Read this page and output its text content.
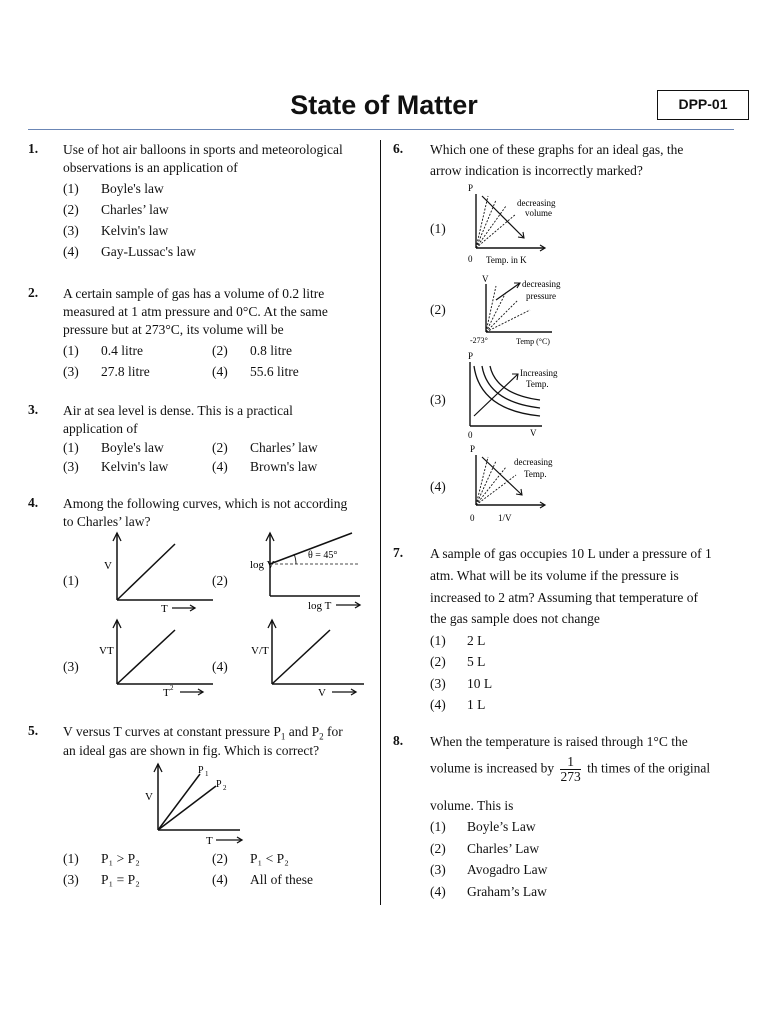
State of Matter	DPP-01
1. Use of hot air balloons in sports and meteorological
observations is an application of
(1) Boyle's law
(2) Charles’ law
(3) Kelvin's law
(4) Gay-Lussac's law
2. A certain sample of gas has a volume of 0.2 litre
measured at 1 atm pressure and 0°C. At the same
pressure but at 273°C, its volume will be
(1) 0.4 litre	(2) 0.8 litre
(3) 27.8 litre	(4) 55.6 litre
3. Air at sea level is dense. This is a practical
application of
(1) Boyle's law	(2) Charles’ law
(3) Kelvin's law	(4) Brown's law
4. Among the following curves, which is not according
to Charles’ law?
(1)	(2)
(3)	(4)
V
T
log V
θ = 45°
log T
VT
T 2
V/T
V
5. V versus T curves at constant pressure $P_1$ and $P_2$ for
an ideal gas are shown in fig. Which is correct?
V
P 1
P 2
T
(1) P₁ > P₂	(2) P₁ < P₂
(3) P₁ = P₂	(4) All of these
6. Which one of these graphs for an ideal gas, the
arrow indication is incorrectly marked?
(1)
(2)
(3)
(4)
P
0 Temp. in K
decreasing
volume
V
-273°	Temp (°C)
decreasing
pressure
P
0	V
Increasing
Temp.
P
0	1/V
decreasing
Temp.
7. A sample of gas occupies 10 L under a pressure of 1
atm. What will be its volume if the pressure is
increased to 2 atm? Assuming that temperature of
the gas sample does not change
(1) 2 L
(2) 5 L
(3) 10 L
(4) 1 L
8. When the temperature is raised through 1°C the
volume is increased by $\frac{1}{273}$ th times of the original
volume. This is
(1) Boyle’s Law
(2) Charles’ Law
(3) Avogadro Law
(4) Graham’s Law
